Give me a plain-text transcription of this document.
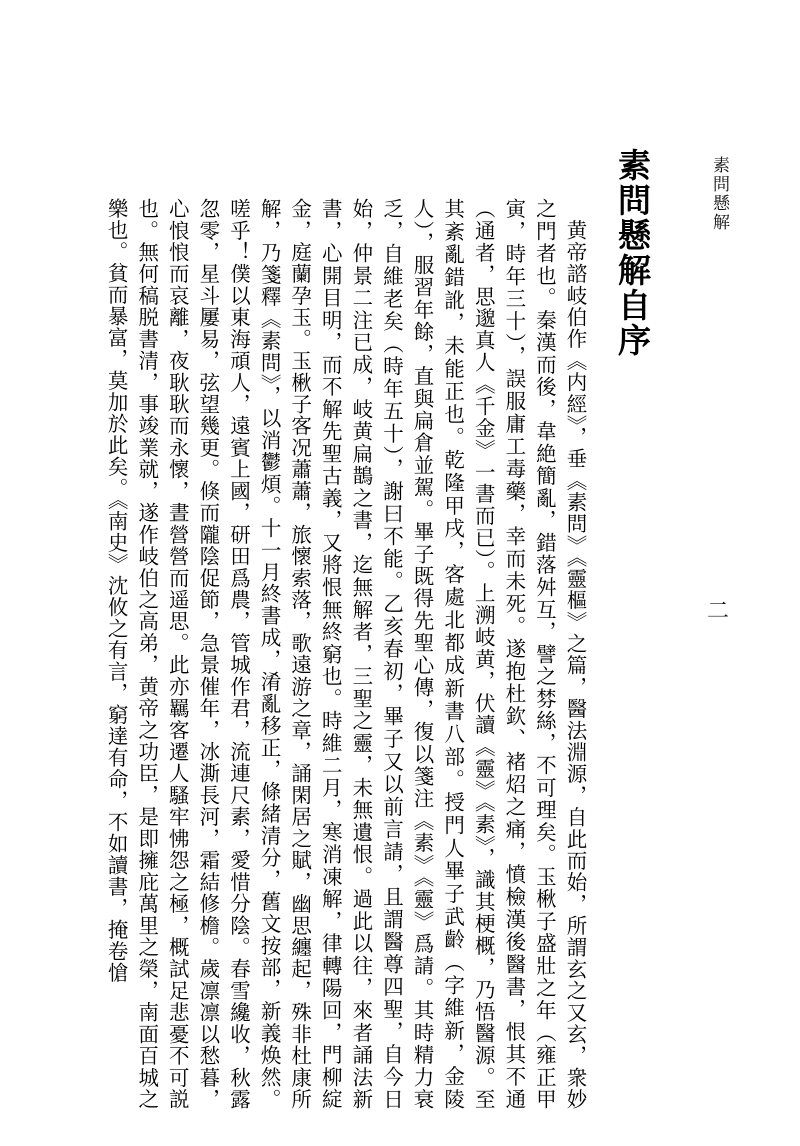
素問懸解
二
素問懸解自序

　黄帝諮岐伯作《内經》，垂《素問》《靈樞》之篇，醫法淵源，自此而始，所謂玄之又玄，衆妙之門者也。秦漢而後，韋絶簡亂，錯落舛互，譬之棼絲，不可理矣。玉楸子盛壯之年（雍正甲寅，時年三十），誤服庸工毒藥，幸而未死。遂抱杜欽、褚炤之痛，憤檢漢後醫書，恨其不通（通者，思邈真人《千金》一書而已）。上溯岐黄，伏讀《靈》《素》，識其梗概，乃悟醫源。至其紊亂錯訛，未能正也。乾隆甲戌，客處北都成新書八部。授門人畢子武齡（字維新，金陵人），服習年餘，直與扁倉並駕。畢子既得先聖心傳，復以箋注《素》《靈》爲請。其時精力衰乏，自維老矣（時年五十），謝曰不能。乙亥春初，畢子又以前言請，且謂醫尊四聖，自今日始，仲景二注已成，岐黄扁鵲之書，迄無解者，三聖之靈，未無遺恨。過此以往，來者誦法新書，心開目明，而不解先聖古義，又將恨無終窮也。時維二月，寒消凍解，律轉陽回，門柳綻金，庭蘭孕玉。玉楸子客况蕭蕭，旅懷索落，歌遠游之章，誦閑居之賦，幽思纏起，殊非杜康所解，乃箋釋《素問》，以消鬱煩。十一月終書成，淆亂移正，條緒清分，舊文按部，新義焕然。嗟乎！僕以東海頑人，遠賓上國，研田爲農，管城作君，流連尺素，愛惜分陰。春雪纔收，秋露忽零，星斗屢易，弦望幾更。倏而隴陰促節，急景催年，冰澌長河，霜結修檐。歲凛凛以愁暮，心悢悢而哀離，夜耿耿而永懷，晝營營而遥思。此亦羈客遷人騷牢怫怨之極，概試足悲憂不可説也。無何稿脱書清，事竣業就，遂作岐伯之高弟，黄帝之功臣，是即擁庇萬里之榮，南面百城之樂也。貧而暴富，莫加於此矣。《南史》沈攸之有言，窮達有命，不如讀書，掩卷愴
